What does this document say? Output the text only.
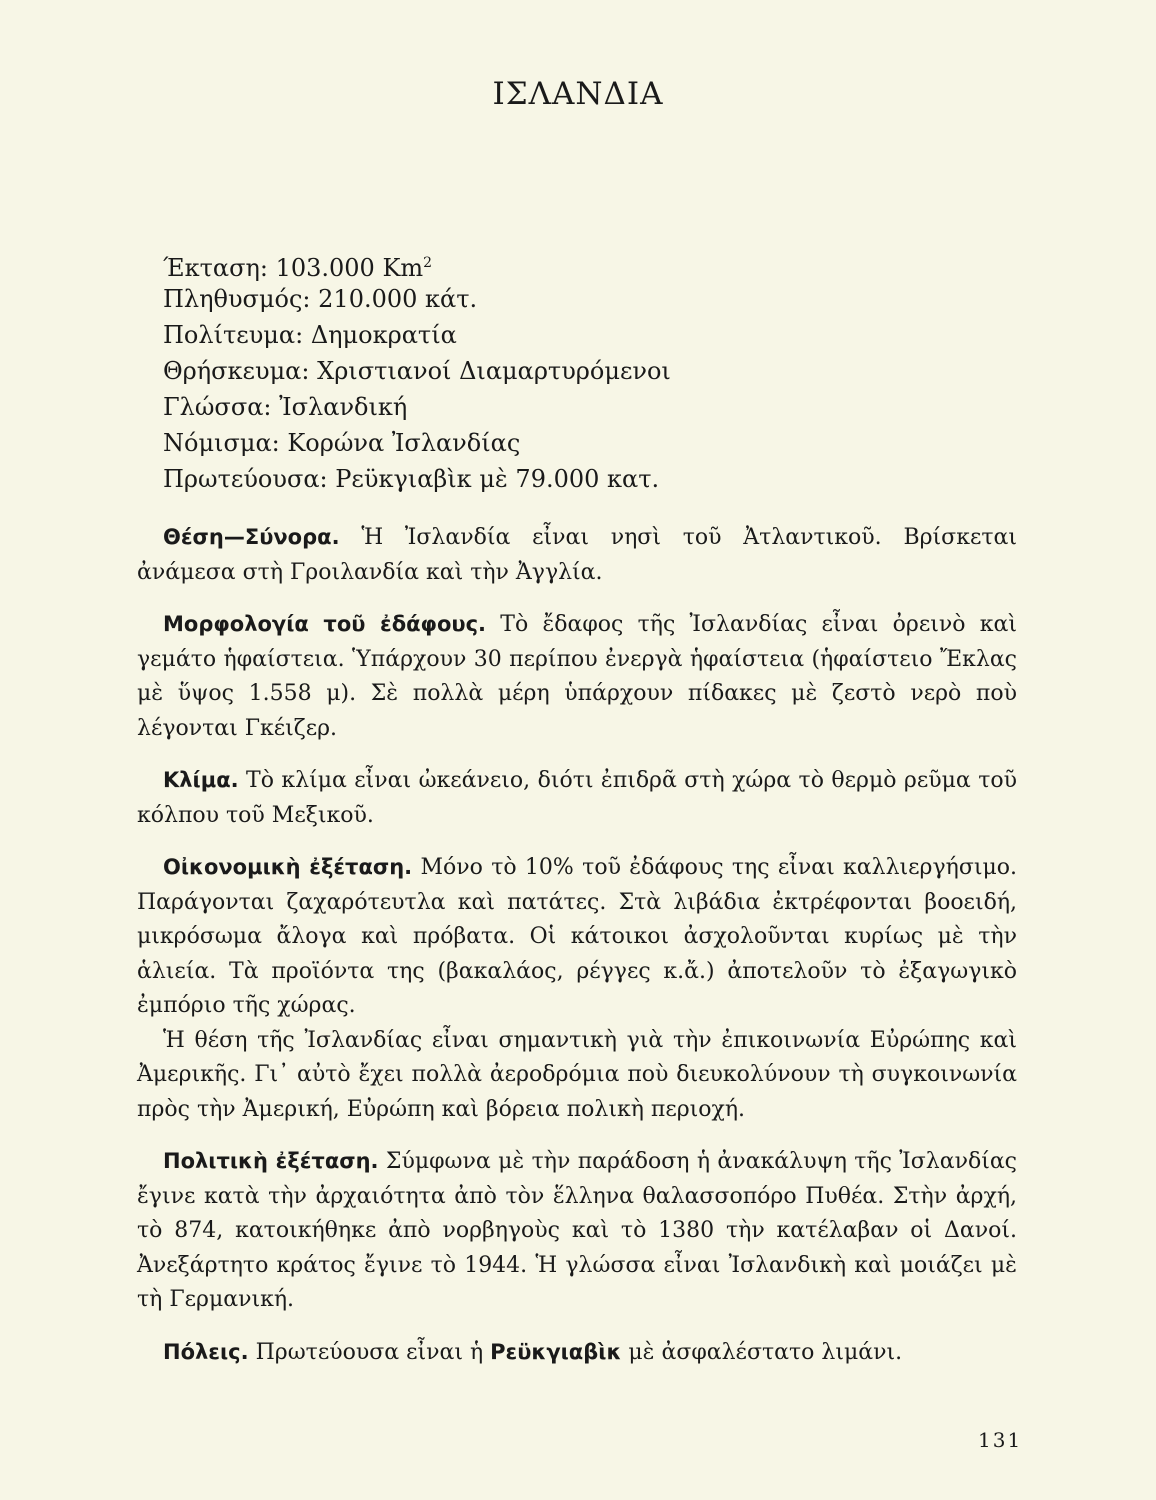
ΙΣΛΑΝΔΙΑ
Έκταση: 103.000 Km$^2$
Πληθυσμός: 210.000 κάτ.
Πολίτευμα: Δημοκρατία
Θρήσκευμα: Χριστιανοί Διαμαρτυρόμενοι
Γλώσσα: Ἰσλανδική
Νόμισμα: Κορώνα Ἰσλανδίας
Πρωτεύουσα: Ρεϋκγιαβὶκ μὲ 79.000 κατ.

Θέση—Σύνορα. Ἡ Ἰσλανδία εἶναι νησὶ τοῦ Ἀτλαντικοῦ. Βρίσκεται ἀνάμεσα στὴ Γροιλανδία καὶ τὴν Ἀγγλία.

Μορφολογία τοῦ ἐδάφους. Τὸ ἔδαφος τῆς Ἰσλανδίας εἶναι ὀρεινὸ καὶ γεμάτο ἡφαίστεια. Ὑπάρχουν 30 περίπου ἐνεργὰ ἡφαίστεια (ἡφαίστειο Ἔκλας μὲ ὕψος 1.558 μ). Σὲ πολλὰ μέρη ὑπάρχουν πίδακες μὲ ζεστὸ νερὸ ποὺ λέγονται Γκέιζερ.

Κλίμα. Τὸ κλίμα εἶναι ὠκεάνειο, διότι ἐπιδρᾶ στὴ χώρα τὸ θερμὸ ρεῦμα τοῦ κόλπου τοῦ Μεξικοῦ.

Οἰκονομικὴ ἐξέταση. Μόνο τὸ 10% τοῦ ἐδάφους της εἶναι καλλιεργήσιμο. Παράγονται ζαχαρότευτλα καὶ πατάτες. Στὰ λιβάδια ἐκτρέφονται βοοειδή, μικρόσωμα ἄλογα καὶ πρόβατα. Οἱ κάτοικοι ἀσχολοῦνται κυρίως μὲ τὴν ἁλιεία. Τὰ προϊόντα της (βακαλάος, ρέγγες κ.ἄ.) ἀποτελοῦν τὸ ἐξαγωγικὸ ἐμπόριο τῆς χώρας.

Ἡ θέση τῆς Ἰσλανδίας εἶναι σημαντικὴ γιὰ τὴν ἐπικοινωνία Εὐρώπης καὶ Ἀμερικῆς. Γι᾽ αὐτὸ ἔχει πολλὰ ἀεροδρόμια ποὺ διευκολύνουν τὴ συγκοινωνία πρὸς τὴν Ἀμερική, Εὐρώπη καὶ βόρεια πολικὴ περιοχή.

Πολιτικὴ ἐξέταση. Σύμφωνα μὲ τὴν παράδοση ἡ ἀνακάλυψη τῆς Ἰσλανδίας ἔγινε κατὰ τὴν ἀρχαιότητα ἀπὸ τὸν ἕλληνα θαλασσοπόρο Πυθέα. Στὴν ἀρχή, τὸ 874, κατοικήθηκε ἀπὸ νορβηγοὺς καὶ τὸ 1380 τὴν κατέλαβαν οἱ Δανοί. Ἀνεξάρτητο κράτος ἔγινε τὸ 1944. Ἡ γλώσσα εἶναι Ἰσλανδικὴ καὶ μοιάζει μὲ τὴ Γερμανική.

Πόλεις. Πρωτεύουσα εἶναι ἡ Ρεϋκγιαβὶκ μὲ ἀσφαλέστατο λιμάνι.

131
